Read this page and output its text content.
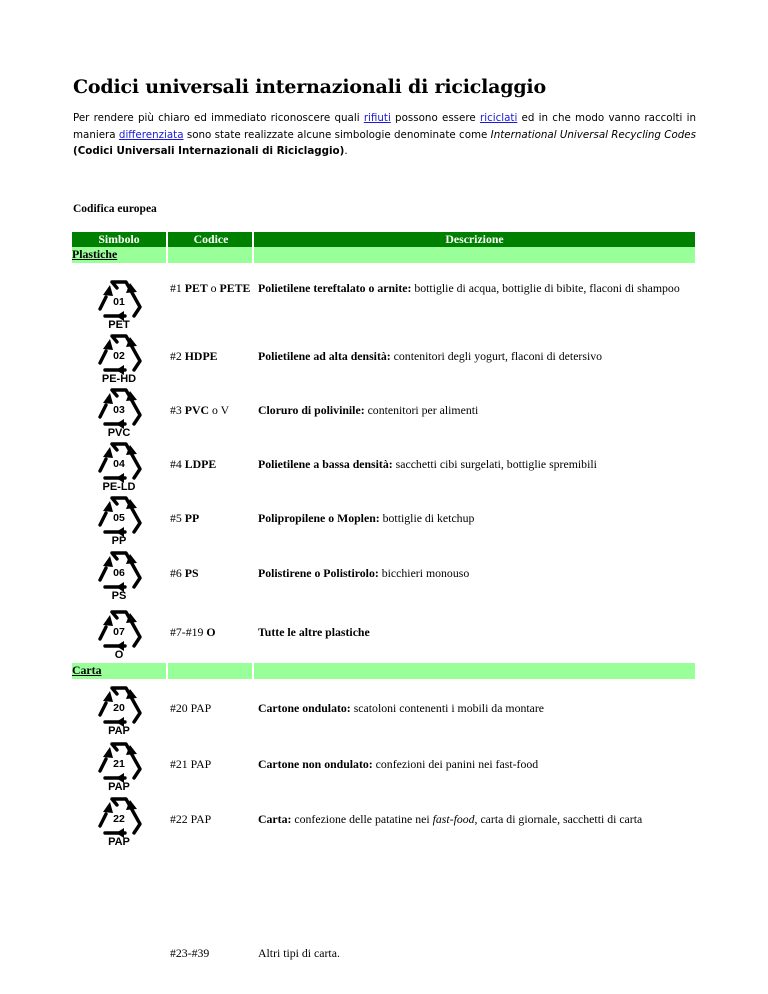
Codici universali internazionali di riciclaggio

Per rendere più chiaro ed immediato riconoscere quali rifiuti possono essere riciclati ed in che modo vanno raccolti in maniera differenziata sono state realizzate alcune simbologie denominate come International Universal Recycling Codes (Codici Universali Internazionali di Riciclaggio).

Codifica europea

Simbolo	Codice	Descrizione
Plastiche		

01
PET	#1 PET o PETE	Polietilene tereftalato o arnite: bottiglie di acqua, bottiglie di bibite, flaconi di shampoo

02
PE-HD	#2 HDPE	Polietilene ad alta densità: contenitori degli yogurt, flaconi di detersivo

03
PVC	#3 PVC o V	Cloruro di polivinile: contenitori per alimenti

04
PE-LD	#4 LDPE	Polietilene a bassa densità: sacchetti cibi surgelati, bottiglie spremibili

05
PP	#5 PP	Polipropilene o Moplen: bottiglie di ketchup

06
PS	#6 PS	Polistirene o Polistirolo: bicchieri monouso

07
O	#7-#19 O	Tutte le altre plastiche
Carta		

20
PAP	#20 PAP	Cartone ondulato: scatoloni contenenti i mobili da montare

21
PAP	#21 PAP	Cartone non ondulato: confezioni dei panini nei fast-food

22
PAP	#22 PAP	Carta: confezione delle patatine nei fast-food, carta di giornale, sacchetti di carta
	#23-#39	Altri tipi di carta.
